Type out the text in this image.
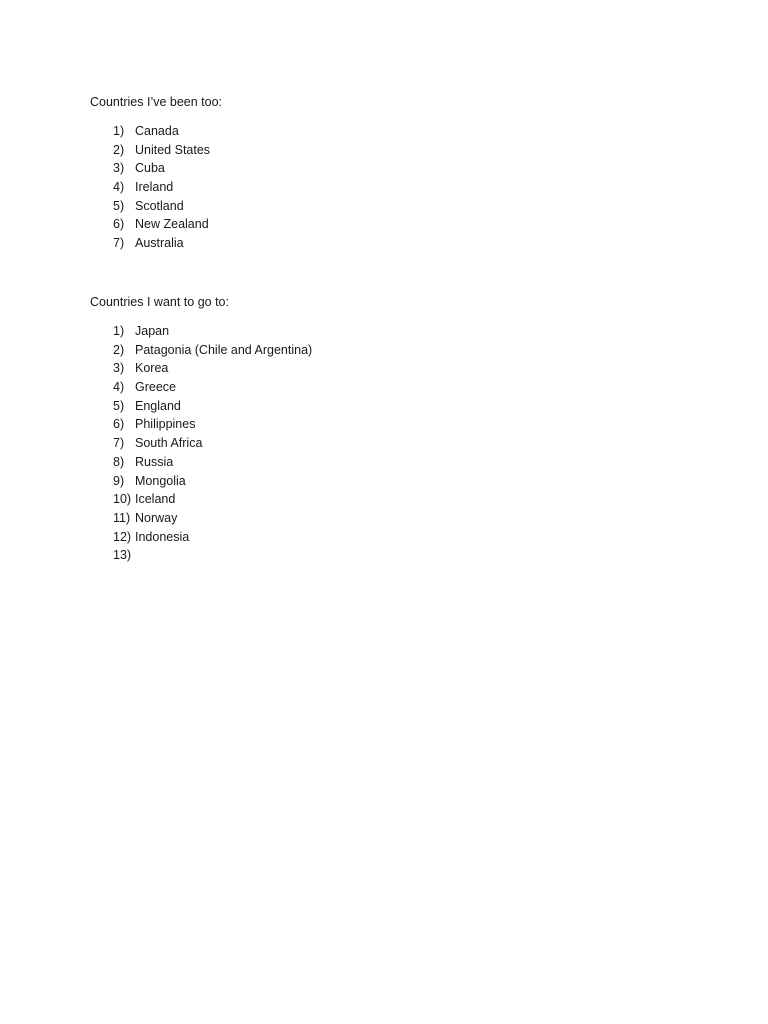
Countries I’ve been too:

1) Canada
2) United States
3) Cuba
4) Ireland
5) Scotland
6) New Zealand
7) Australia

Countries I want to go to:

1) Japan
2) Patagonia (Chile and Argentina)
3) Korea
4) Greece
5) England
6) Philippines
7) South Africa
8) Russia
9) Mongolia
10) Iceland
11) Norway
12) Indonesia
13)
